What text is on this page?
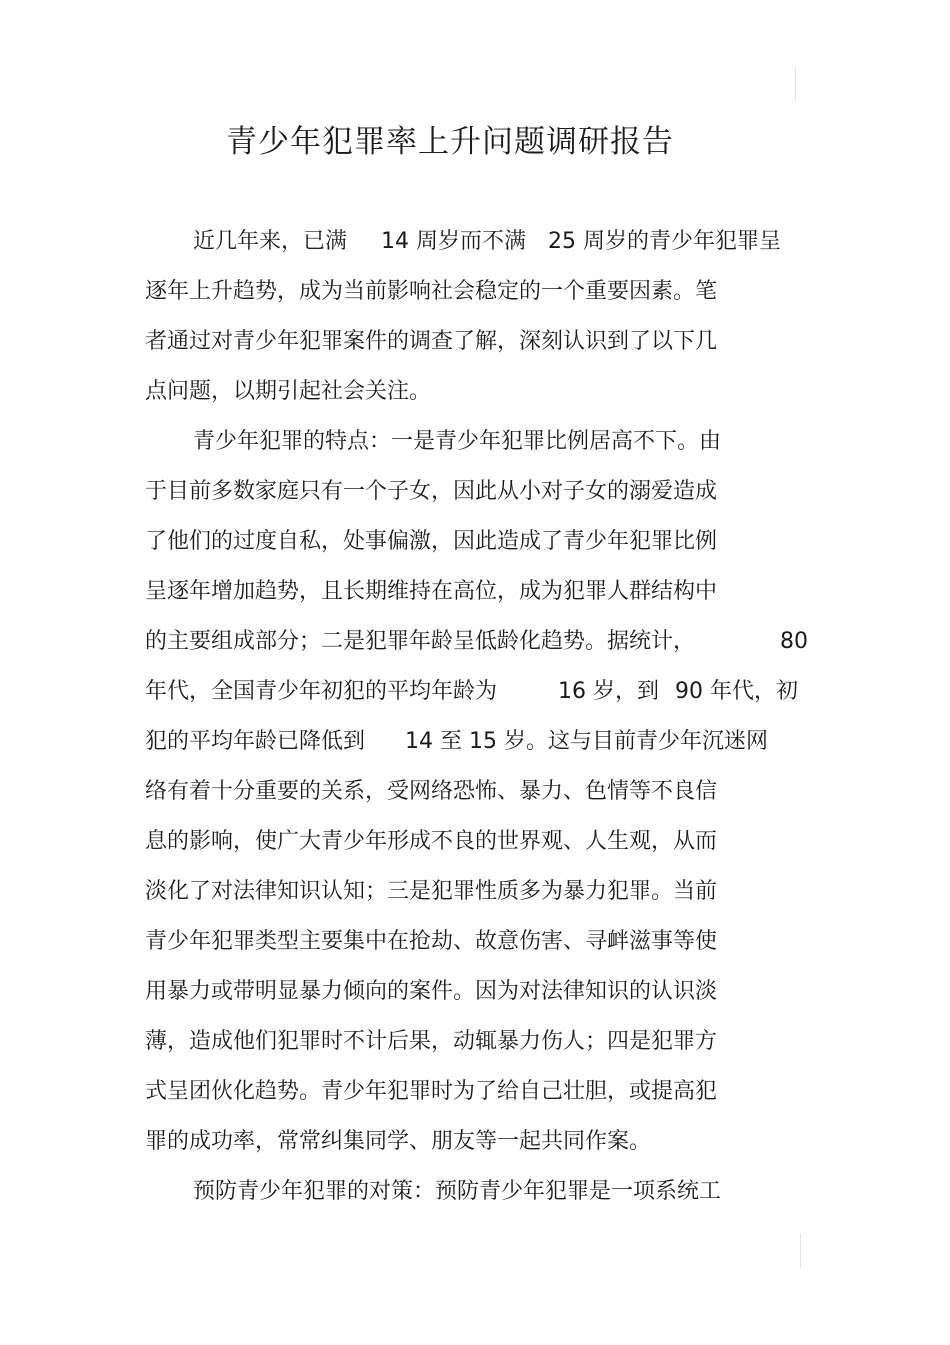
青少年犯罪率上升问题调研报告

近几年来，已满

14 周岁而不满

25 周岁的青少年犯罪呈

逐年上升趋势，成为当前影响社会稳定的一个重要因素。笔

者通过对青少年犯罪案件的调查了解，深刻认识到了以下几

点问题，以期引起社会关注。

青少年犯罪的特点：一是青少年犯罪比例居高不下。由

于目前多数家庭只有一个子女，因此从小对子女的溺爱造成

了他们的过度自私，处事偏激，因此造成了青少年犯罪比例

呈逐年增加趋势，且长期维持在高位，成为犯罪人群结构中

的主要组成部分；二是犯罪年龄呈低龄化趋势。据统计，

	80

年代，全国青少年初犯的平均年龄为

	16 岁，到

90 年代，初

犯的平均年龄已降低到

14 至 15 岁。这与目前青少年沉迷网

络有着十分重要的关系，受网络恐怖、暴力、色情等不良信

息的影响，使广大青少年形成不良的世界观、人生观，从而

淡化了对法律知识认知；三是犯罪性质多为暴力犯罪。当前

青少年犯罪类型主要集中在抢劫、故意伤害、寻衅滋事等使

用暴力或带明显暴力倾向的案件。因为对法律知识的认识淡

薄，造成他们犯罪时不计后果，动辄暴力伤人；四是犯罪方

式呈团伙化趋势。青少年犯罪时为了给自己壮胆，或提高犯

罪的成功率，常常纠集同学、朋友等一起共同作案。

预防青少年犯罪的对策：预防青少年犯罪是一项系统工
